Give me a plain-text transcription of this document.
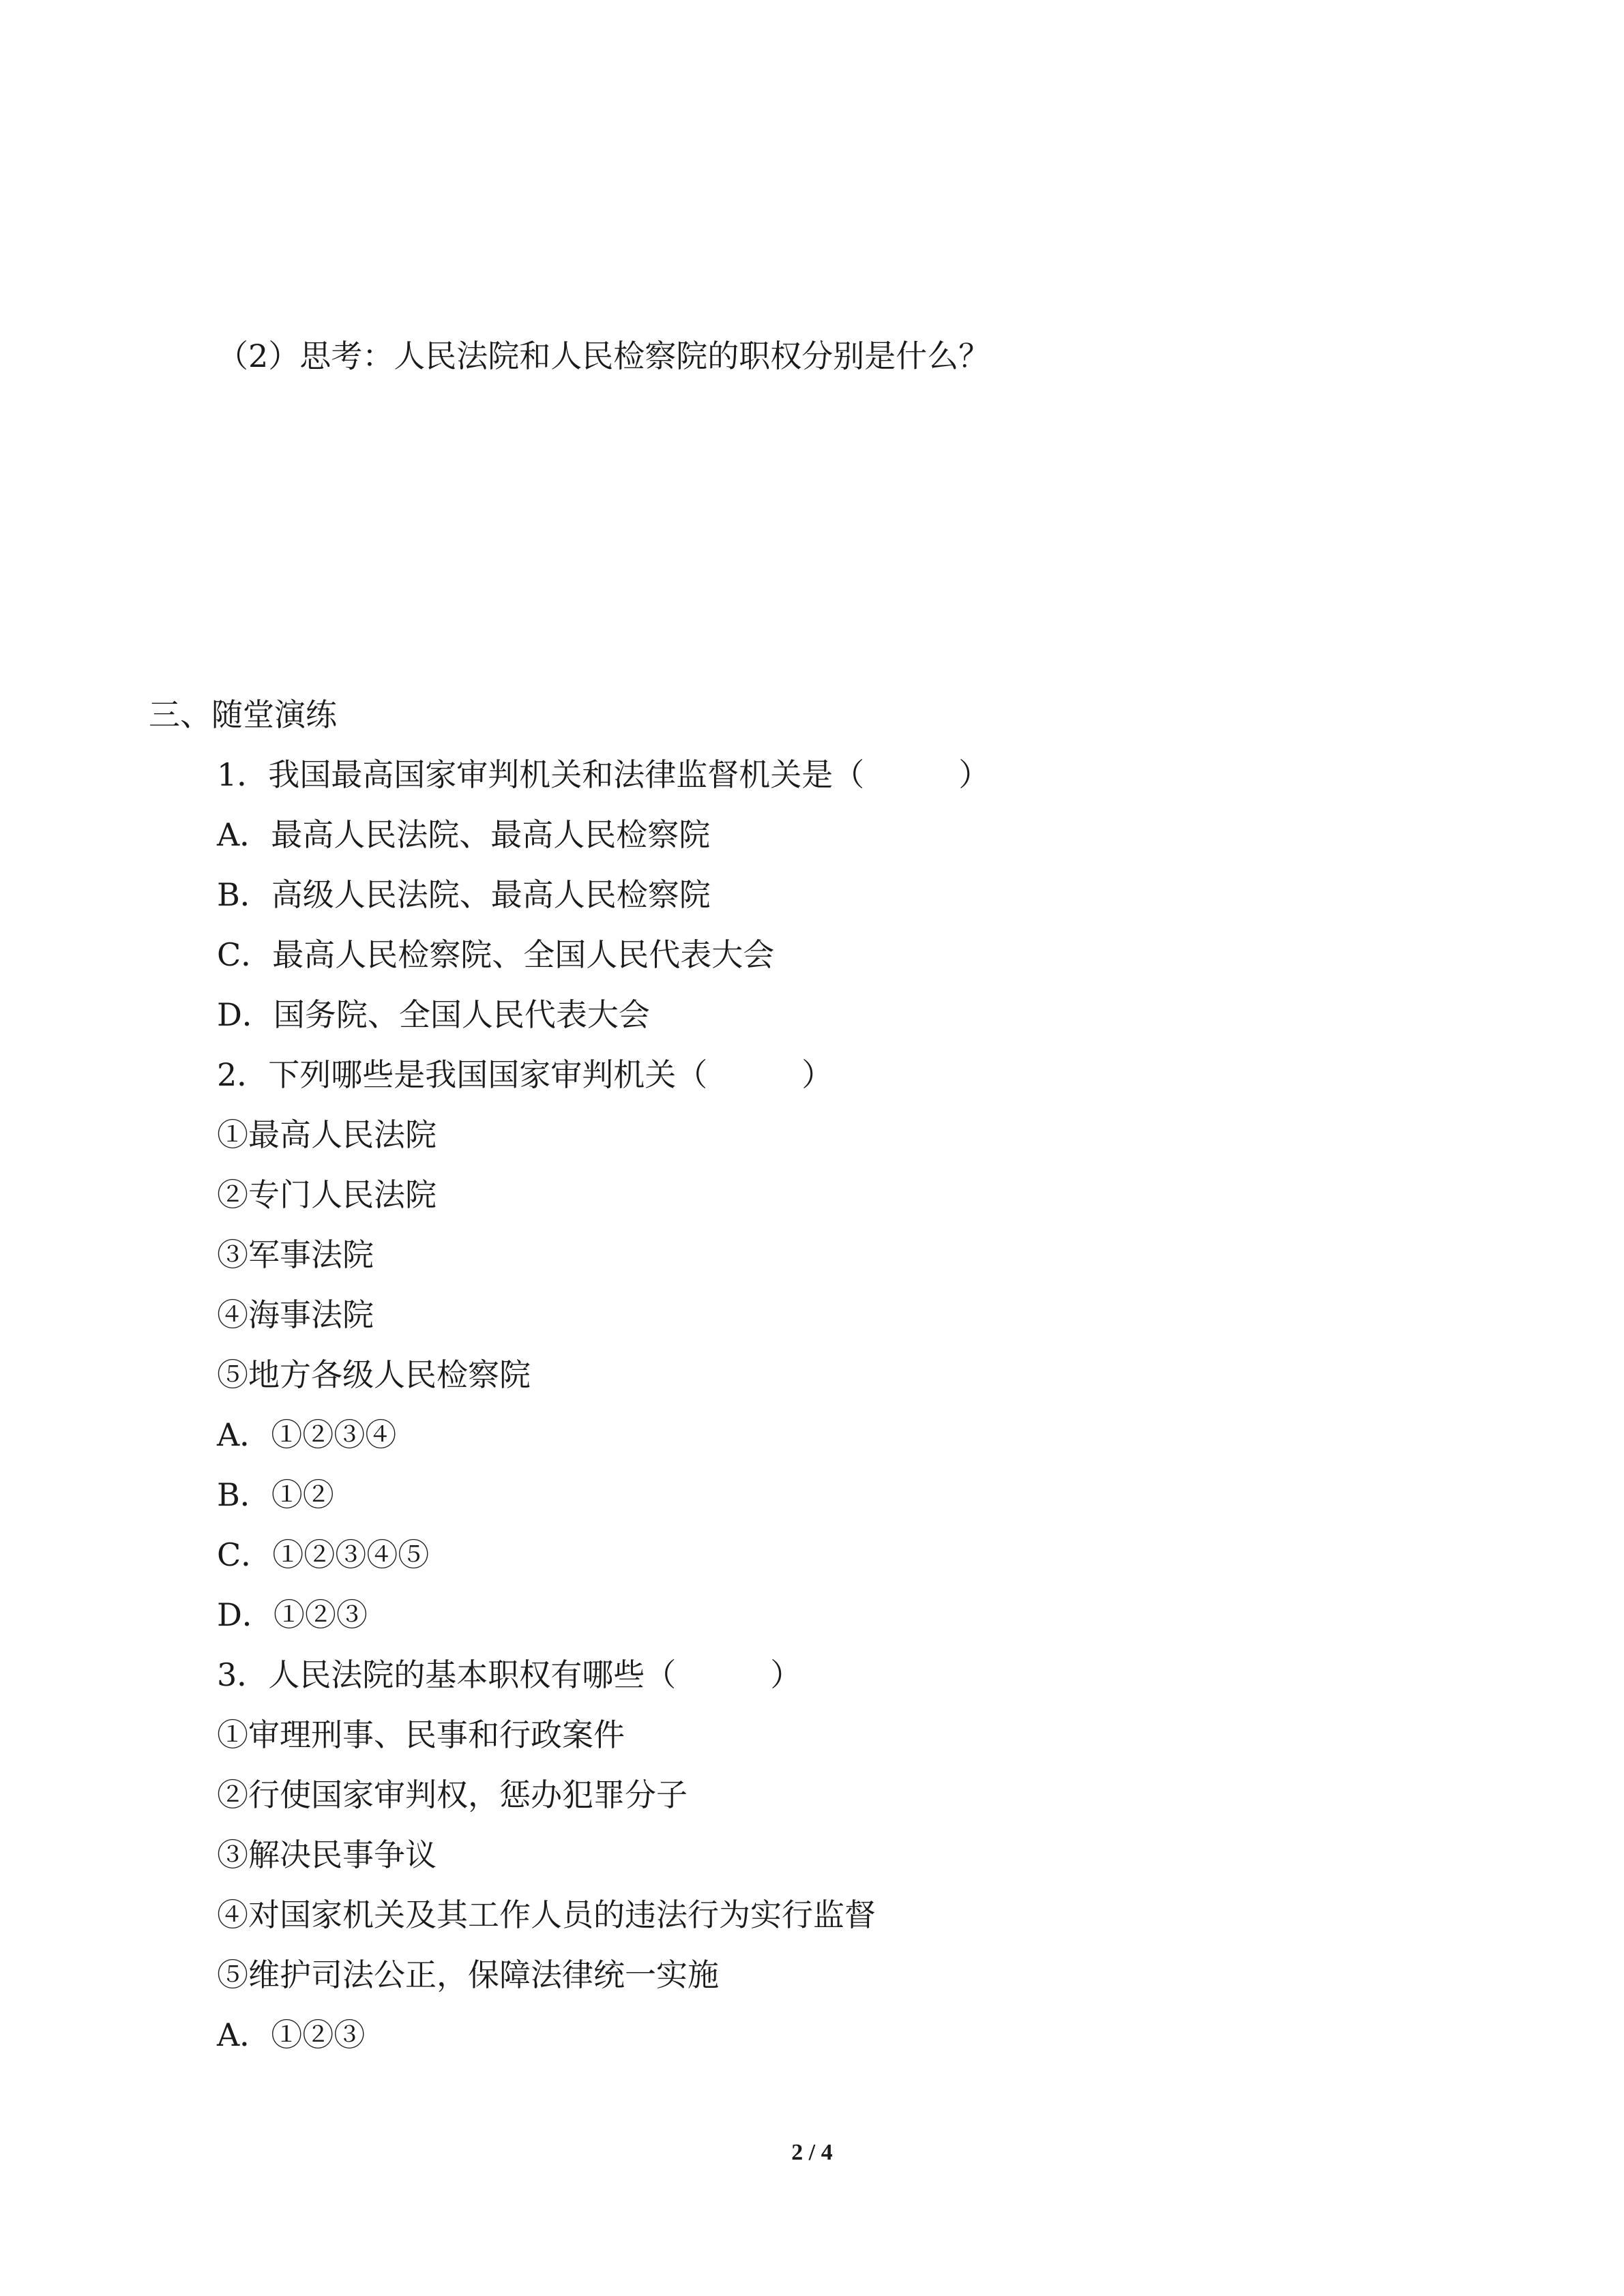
（2）思考：人民法院和人民检察院的职权分别是什么？
三、随堂演练
1．我国最高国家审判机关和法律监督机关是（　　　）
A．最高人民法院、最高人民检察院
B．高级人民法院、最高人民检察院
C．最高人民检察院、全国人民代表大会
D．国务院、全国人民代表大会
2．下列哪些是我国国家审判机关（　　　）
①最高人民法院
②专门人民法院
③军事法院
④海事法院
⑤地方各级人民检察院
A．①②③④
B．①②
C．①②③④⑤
D．①②③
3．人民法院的基本职权有哪些（　　　）
①审理刑事、民事和行政案件
②行使国家审判权，惩办犯罪分子
③解决民事争议
④对国家机关及其工作人员的违法行为实行监督
⑤维护司法公正，保障法律统一实施
A．①②③
2 / 4
